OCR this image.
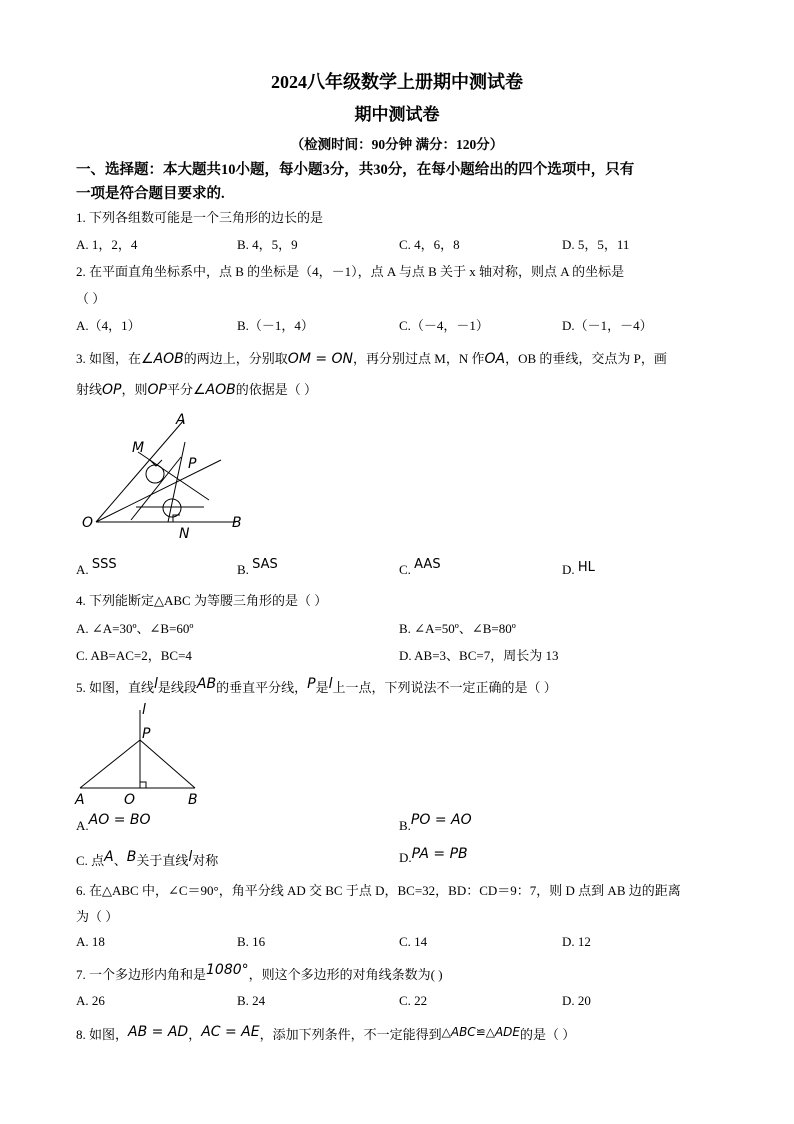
2024八年级数学上册期中测试卷
期中测试卷
（检测时间：90分钟 满分：120分）
一、选择题：本大题共10小题，每小题3分，共30分，在每小题给出的四个选项中，只有
一项是符合题目要求的.
1. 下列各组数可能是一个三角形的边长的是
A. 1，2，4	B. 4，5，9	C. 4，6，8	D. 5，5，11
2. 在平面直角坐标系中，点 B 的坐标是（4，－1），点 A 与点 B 关于 x 轴对称，则点 A 的坐标是
（ ）
A.（4，1）	B.（－1，4）	C.（－4，－1）	D.（－1，－4）
3. 如图，在∠AOB的两边上，分别取OM = ON，再分别过点 M，N 作OA，OB 的垂线，交点为 P，画
射线OP，则OP平分∠AOB的依据是（ ）
A
M
P
O	B
N
A. SSS	B. SAS	C. AAS	D. HL
4. 下列能断定△ABC 为等腰三角形的是（ ）
A. ∠A=30º、∠B=60º	B. ∠A=50º、∠B=80º
C. AB=AC=2，BC=4	D. AB=3、BC=7，周长为 13
5. 如图，直线l是线段AB的垂直平分线，P是l上一点，下列说法不一定正确的是（ ）
l
P
A	O	B
A.AO = BO	B.PO = AO
C. 点A、B关于直线l对称	D.PA = PB
6. 在△ABC 中，∠C＝90°，角平分线 AD 交 BC 于点 D，BC=32，BD：CD＝9：7，则 D 点到 AB 边的距离
为（ ）
A. 18	B. 16	C. 14	D. 12
7. 一个多边形内角和是1080°，则这个多边形的对角线条数为( )
A. 26	B. 24	C. 22	D. 20
8. 如图，AB = AD，AC = AE，添加下列条件，不一定能得到△ABC≌△ADE的是（ ）
